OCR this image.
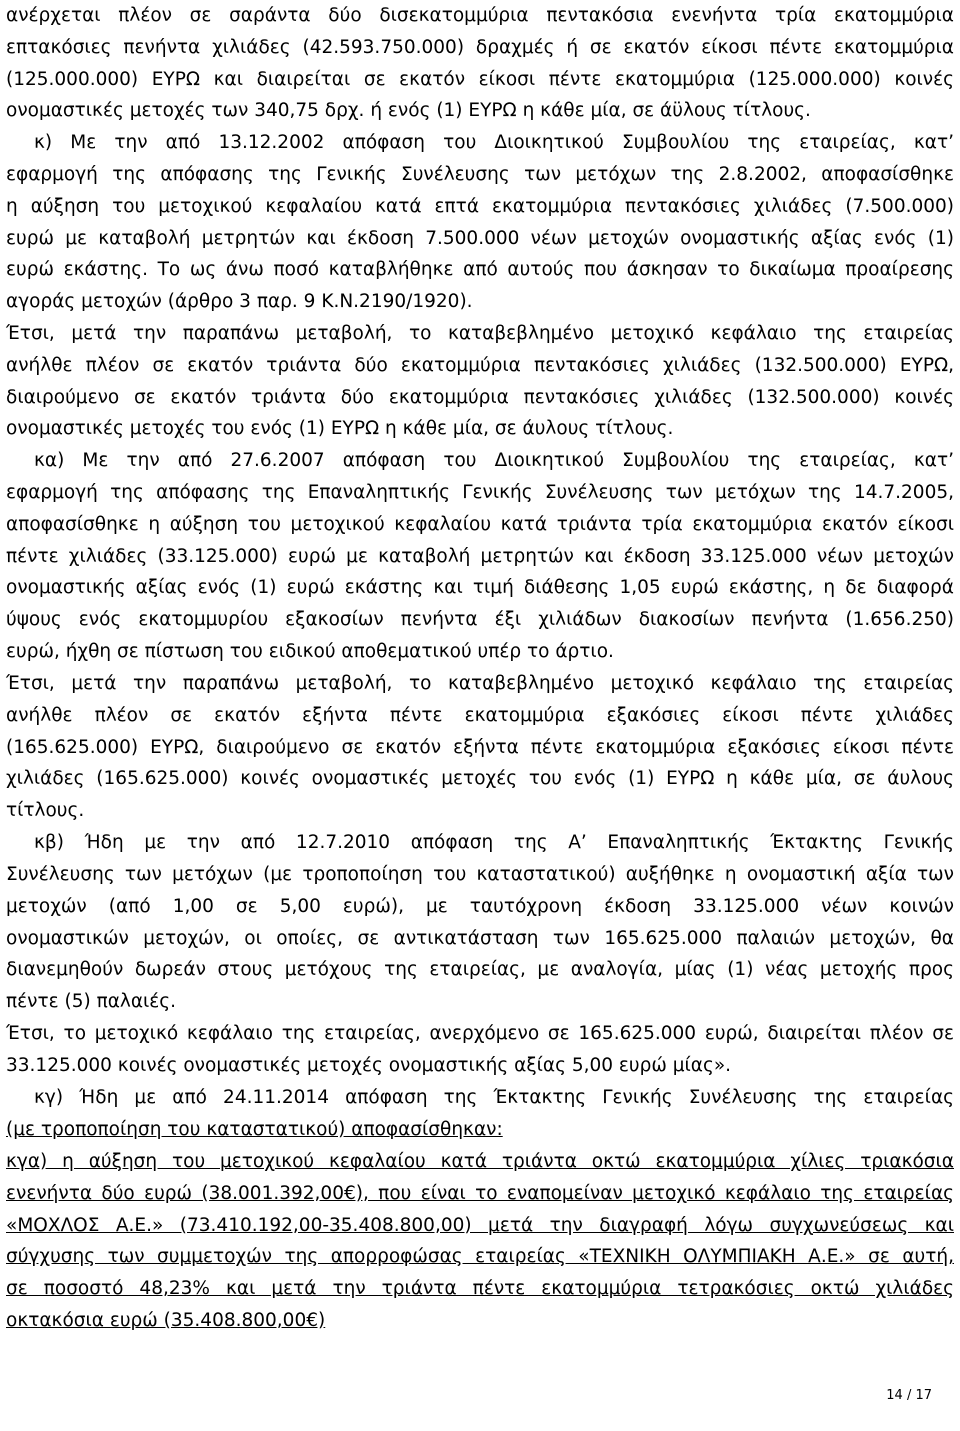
ανέρχεται πλέον σε σαράντα δύο δισεκατομμύρια πεντακόσια ενενήντα τρία εκατομμύρια
επτακόσιες πενήντα χιλιάδες (42.593.750.000) δραχμές ή σε εκατόν είκοσι πέντε εκατομμύρια
(125.000.000) ΕΥΡΩ και διαιρείται σε εκατόν είκοσι πέντε εκατομμύρια (125.000.000) κοινές
ονομαστικές μετοχές των 340,75 δρχ. ή ενός (1) ΕΥΡΩ η κάθε μία, σε άϋλους τίτλους.
κ) Με την από 13.12.2002 απόφαση του Διοικητικού Συμβουλίου της εταιρείας, κατ’
εφαρμογή της απόφασης της Γενικής Συνέλευσης των μετόχων της 2.8.2002, αποφασίσθηκε
η αύξηση του μετοχικού κεφαλαίου κατά επτά εκατομμύρια πεντακόσιες χιλιάδες (7.500.000)
ευρώ με καταβολή μετρητών και έκδοση 7.500.000 νέων μετοχών ονομαστικής αξίας ενός (1)
ευρώ εκάστης. Το ως άνω ποσό καταβλήθηκε από αυτούς που άσκησαν το δικαίωμα προαίρεσης
αγοράς μετοχών (άρθρο 3 παρ. 9 Κ.Ν.2190/1920).
Έτσι, μετά την παραπάνω μεταβολή, το καταβεβλημένο μετοχικό κεφάλαιο της εταιρείας
ανήλθε πλέον σε εκατόν τριάντα δύο εκατομμύρια πεντακόσιες χιλιάδες (132.500.000) ΕΥΡΩ,
διαιρούμενο σε εκατόν τριάντα δύο εκατομμύρια πεντακόσιες χιλιάδες (132.500.000) κοινές
ονομαστικές μετοχές του ενός (1) ΕΥΡΩ η κάθε μία, σε άυλους τίτλους.
κα) Με την από 27.6.2007 απόφαση του Διοικητικού Συμβουλίου της εταιρείας, κατ’
εφαρμογή της απόφασης της Επαναληπτικής Γενικής Συνέλευσης των μετόχων της 14.7.2005,
αποφασίσθηκε η αύξηση του μετοχικού κεφαλαίου κατά τριάντα τρία εκατομμύρια εκατόν είκοσι
πέντε χιλιάδες (33.125.000) ευρώ με καταβολή μετρητών και έκδοση 33.125.000 νέων μετοχών
ονομαστικής αξίας ενός (1) ευρώ εκάστης και τιμή διάθεσης 1,05 ευρώ εκάστης, η δε διαφορά
ύψους ενός εκατομμυρίου εξακοσίων πενήντα έξι χιλιάδων διακοσίων πενήντα (1.656.250)
ευρώ, ήχθη σε πίστωση του ειδικού αποθεματικού υπέρ το άρτιο.
Έτσι, μετά την παραπάνω μεταβολή, το καταβεβλημένο μετοχικό κεφάλαιο της εταιρείας
ανήλθε πλέον σε εκατόν εξήντα πέντε εκατομμύρια εξακόσιες είκοσι πέντε χιλιάδες
(165.625.000) ΕΥΡΩ, διαιρούμενο σε εκατόν εξήντα πέντε εκατομμύρια εξακόσιες είκοσι πέντε
χιλιάδες (165.625.000) κοινές ονομαστικές μετοχές του ενός (1) ΕΥΡΩ η κάθε μία, σε άυλους
τίτλους.
κβ) Ήδη με την από 12.7.2010 απόφαση της Α’ Επαναληπτικής Έκτακτης Γενικής
Συνέλευσης των μετόχων (με τροποποίηση του καταστατικού) αυξήθηκε η ονομαστική αξία των
μετοχών (από 1,00 σε 5,00 ευρώ), με ταυτόχρονη έκδοση 33.125.000 νέων κοινών
ονομαστικών μετοχών, οι οποίες, σε αντικατάσταση των 165.625.000 παλαιών μετοχών, θα
διανεμηθούν δωρεάν στους μετόχους της εταιρείας, με αναλογία, μίας (1) νέας μετοχής προς
πέντε (5) παλαιές.
Έτσι, το μετοχικό κεφάλαιο της εταιρείας, ανερχόμενο σε 165.625.000 ευρώ, διαιρείται πλέον σε
33.125.000 κοινές ονομαστικές μετοχές ονομαστικής αξίας 5,00 ευρώ μίας».
κγ) Ήδη με από 24.11.2014 απόφαση της Έκτακτης Γενικής Συνέλευσης της εταιρείας
(με τροποποίηση του καταστατικού) αποφασίσθηκαν:
κγα) η αύξηση του μετοχικού κεφαλαίου κατά τριάντα οκτώ εκατομμύρια χίλιες τριακόσια
ενενήντα δύο ευρώ (38.001.392,00€), που είναι το εναπομείναν μετοχικό κεφάλαιο της εταιρείας
«ΜΟΧΛΟΣ Α.Ε.» (73.410.192,00-35.408.800,00) μετά την διαγραφή λόγω συγχωνεύσεως και
σύγχυσης των συμμετοχών της απορροφώσας εταιρείας «ΤΕΧΝΙΚΗ ΟΛΥΜΠΙΑΚΗ Α.Ε.» σε αυτή,
σε ποσοστό 48,23% και μετά την τριάντα πέντε εκατομμύρια τετρακόσιες οκτώ χιλιάδες
οκτακόσια ευρώ (35.408.800,00€)
14 / 17
